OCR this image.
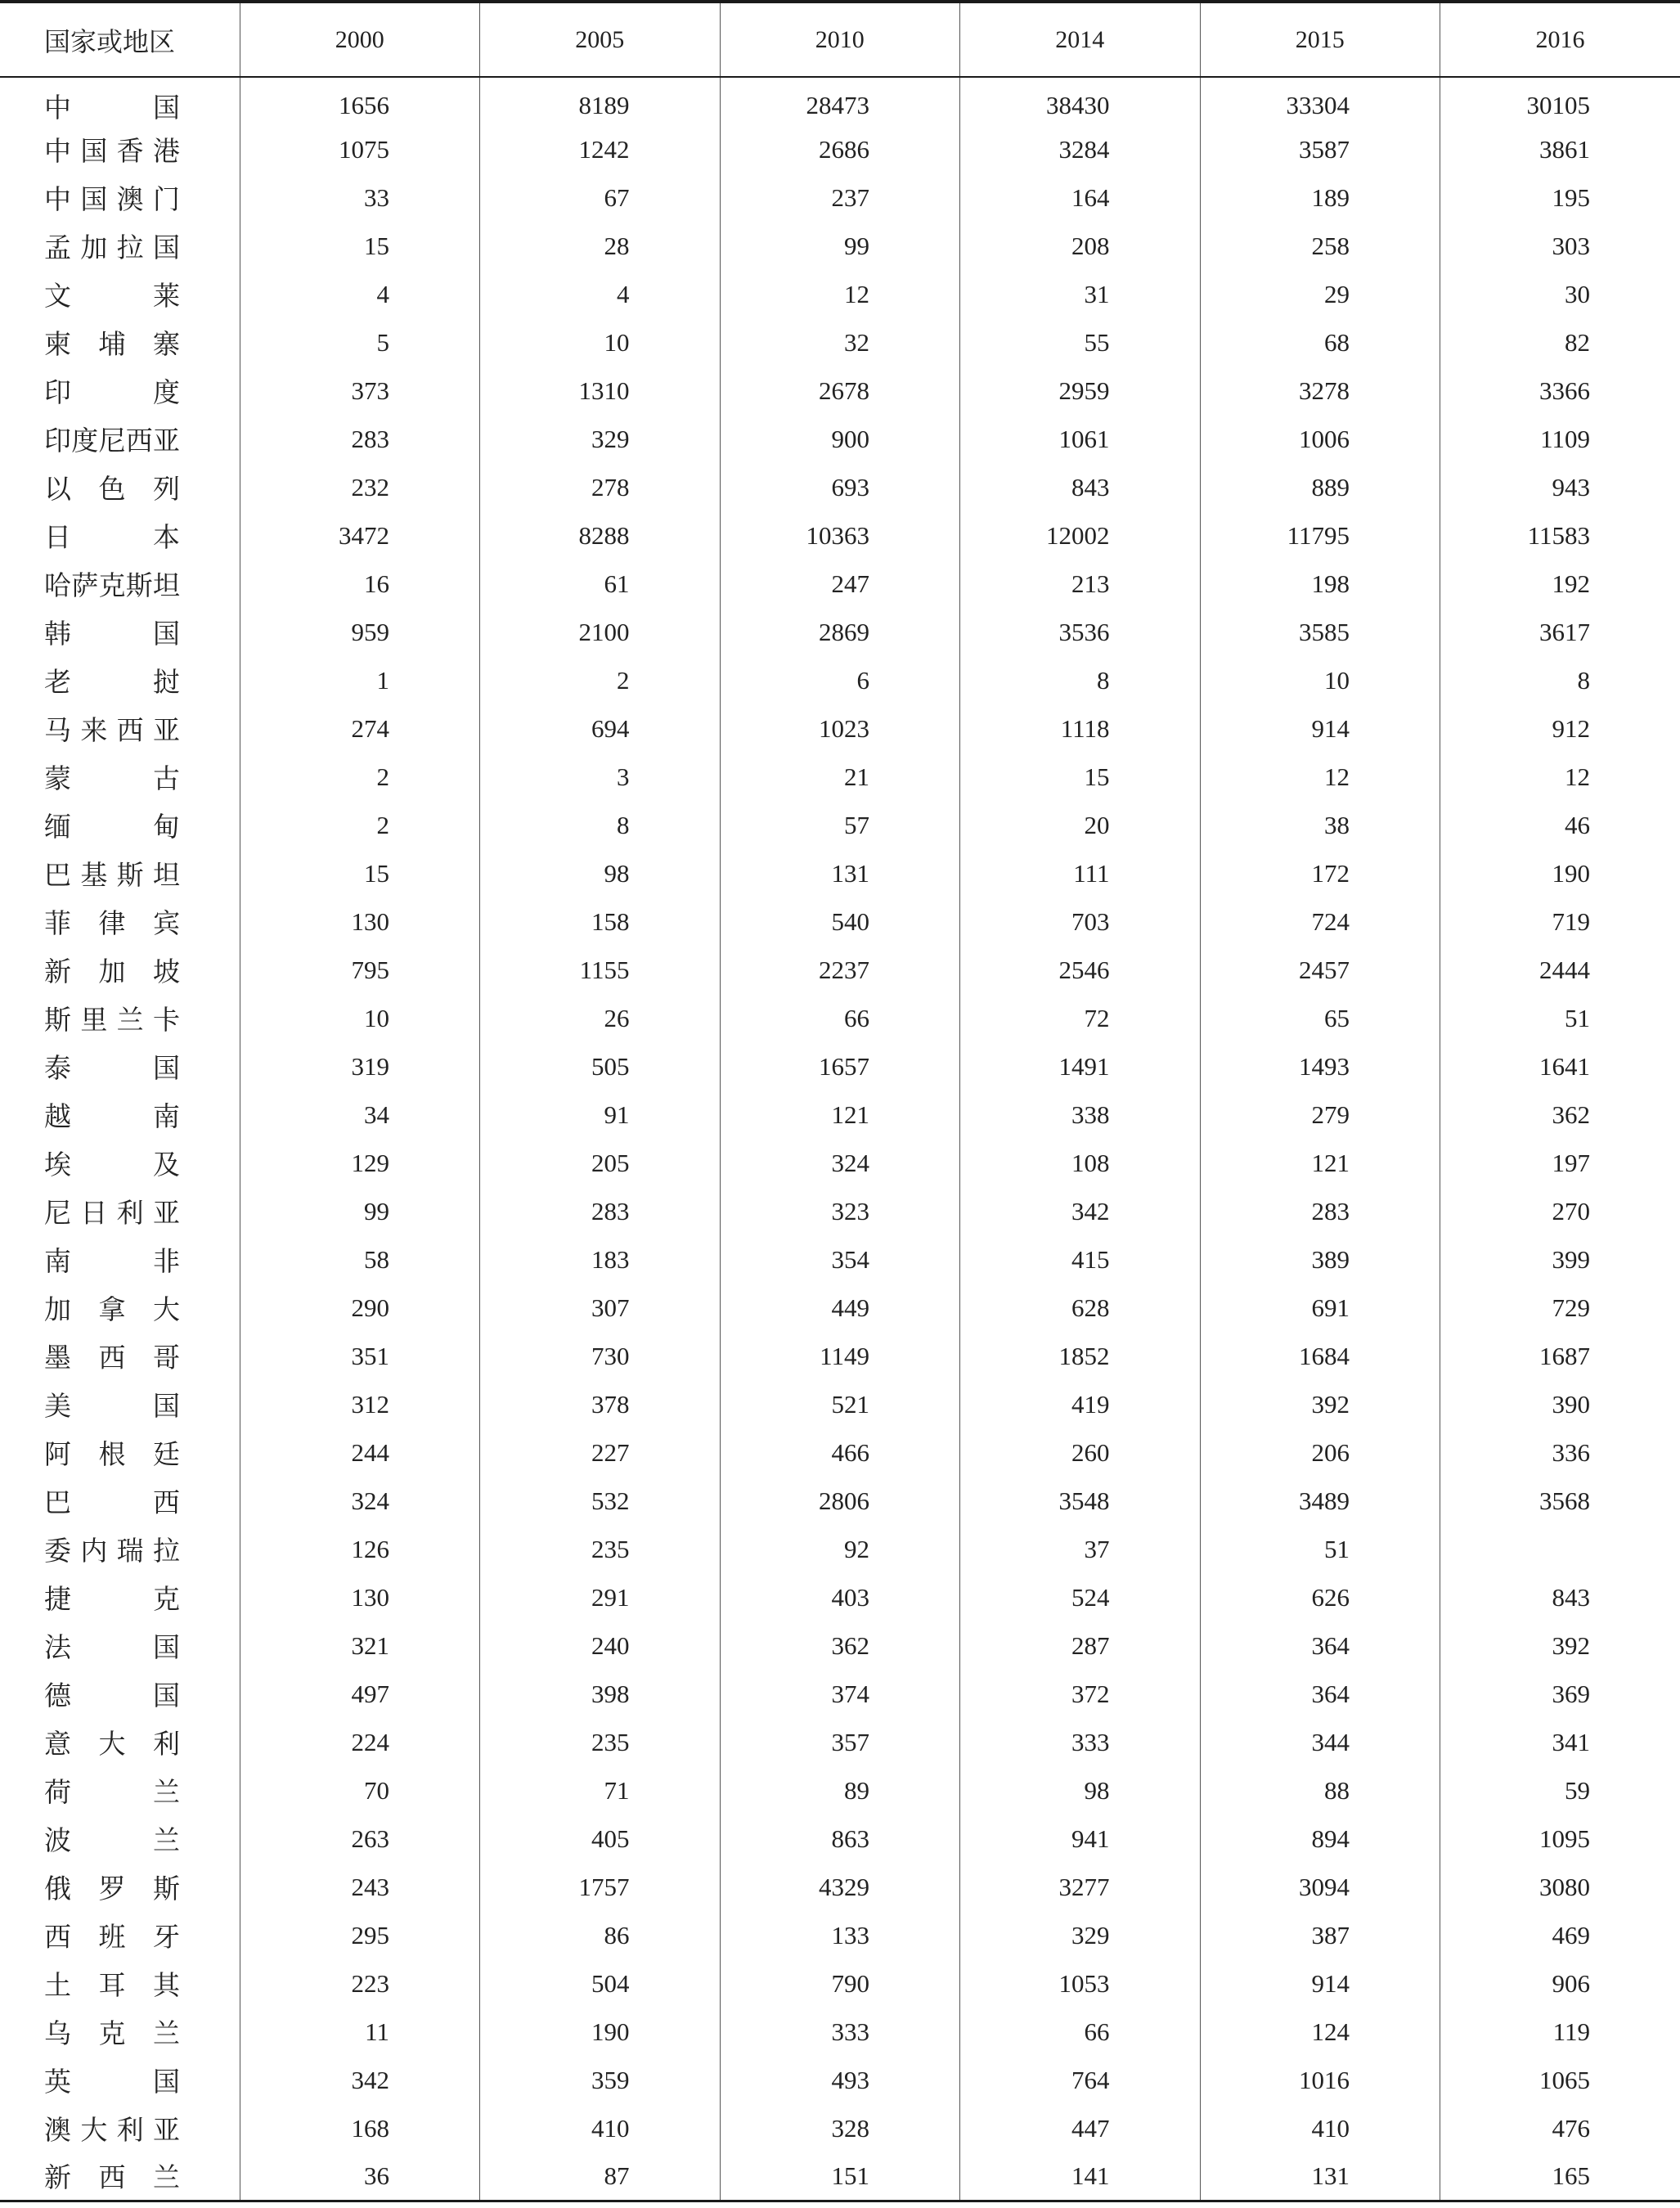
国家或地区	2000	2005	2010	2014	2015	2016
中国	1656	8189	28473	38430	33304	30105
中国香港	1075	1242	2686	3284	3587	3861
中国澳门	33	67	237	164	189	195
孟加拉国	15	28	99	208	258	303
文莱	4	4	12	31	29	30
柬埔寨	5	10	32	55	68	82
印度	373	1310	2678	2959	3278	3366
印度尼西亚	283	329	900	1061	1006	1109
以色列	232	278	693	843	889	943
日本	3472	8288	10363	12002	11795	11583
哈萨克斯坦	16	61	247	213	198	192
韩国	959	2100	2869	3536	3585	3617
老挝	1	2	6	8	10	8
马来西亚	274	694	1023	1118	914	912
蒙古	2	3	21	15	12	12
缅甸	2	8	57	20	38	46
巴基斯坦	15	98	131	111	172	190
菲律宾	130	158	540	703	724	719
新加坡	795	1155	2237	2546	2457	2444
斯里兰卡	10	26	66	72	65	51
泰国	319	505	1657	1491	1493	1641
越南	34	91	121	338	279	362
埃及	129	205	324	108	121	197
尼日利亚	99	283	323	342	283	270
南非	58	183	354	415	389	399
加拿大	290	307	449	628	691	729
墨西哥	351	730	1149	1852	1684	1687
美国	312	378	521	419	392	390
阿根廷	244	227	466	260	206	336
巴西	324	532	2806	3548	3489	3568
委内瑞拉	126	235	92	37	51	
捷克	130	291	403	524	626	843
法国	321	240	362	287	364	392
德国	497	398	374	372	364	369
意大利	224	235	357	333	344	341
荷兰	70	71	89	98	88	59
波兰	263	405	863	941	894	1095
俄罗斯	243	1757	4329	3277	3094	3080
西班牙	295	86	133	329	387	469
土耳其	223	504	790	1053	914	906
乌克兰	11	190	333	66	124	119
英国	342	359	493	764	1016	1065
澳大利亚	168	410	328	447	410	476
新西兰	36	87	151	141	131	165
